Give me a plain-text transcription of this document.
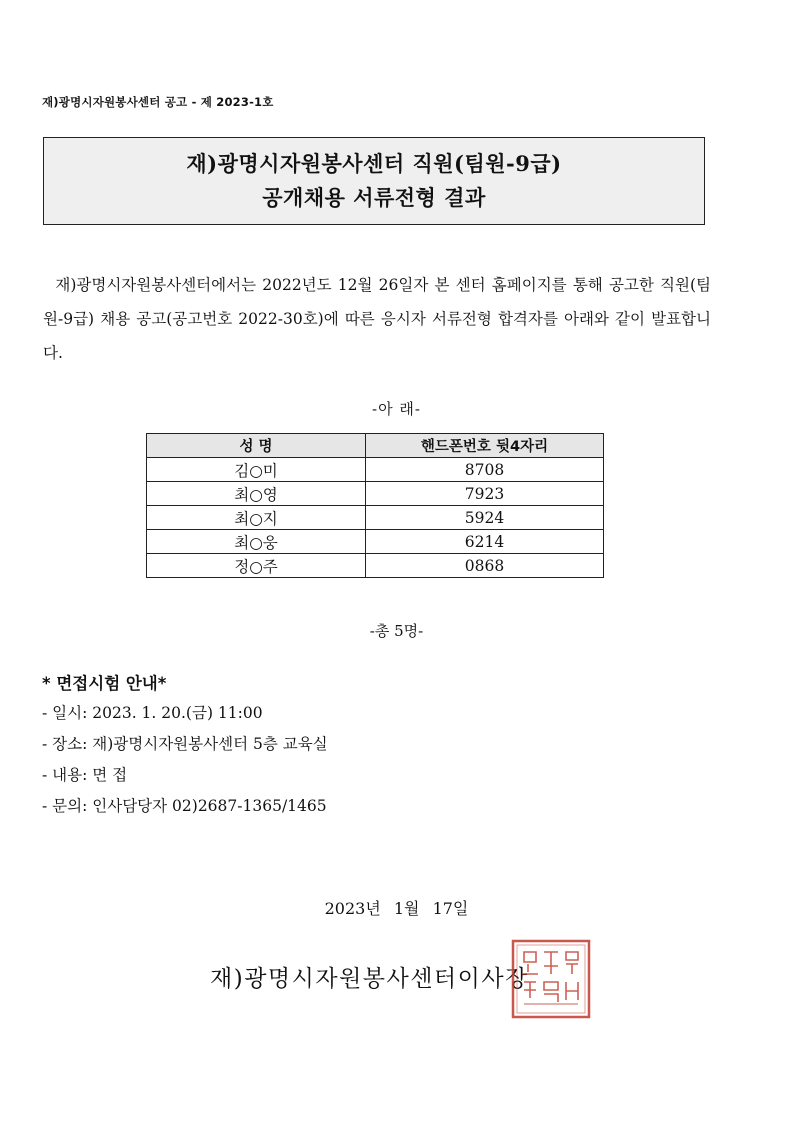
재)광명시자원봉사센터 공고 - 제 2023-1호
재)광명시자원봉사센터 직원(팀원-9급)
공개채용 서류전형 결과
재)광명시자원봉사센터에서는 2022년도 12월 26일자 본 센터 홈페이지를 통해 공고한 직원(팀원-9급) 채용 공고(공고번호 2022-30호)에 따른 응시자 서류전형 합격자를 아래와 같이 발표합니다.
-아 래-
성 명	핸드폰번호 뒷4자리
김○미	8708
최○영	7923
최○지	5924
최○웅	6214
정○주	0868
-총 5명-
* 면접시험 안내*
- 일시: 2023. 1. 20.(금) 11:00
- 장소: 재)광명시자원봉사센터 5층 교육실
- 내용: 면 접
- 문의: 인사담당자 02)2687-1365/1465
2023년 1월 17일
재)광명시자원봉사센터이사장
